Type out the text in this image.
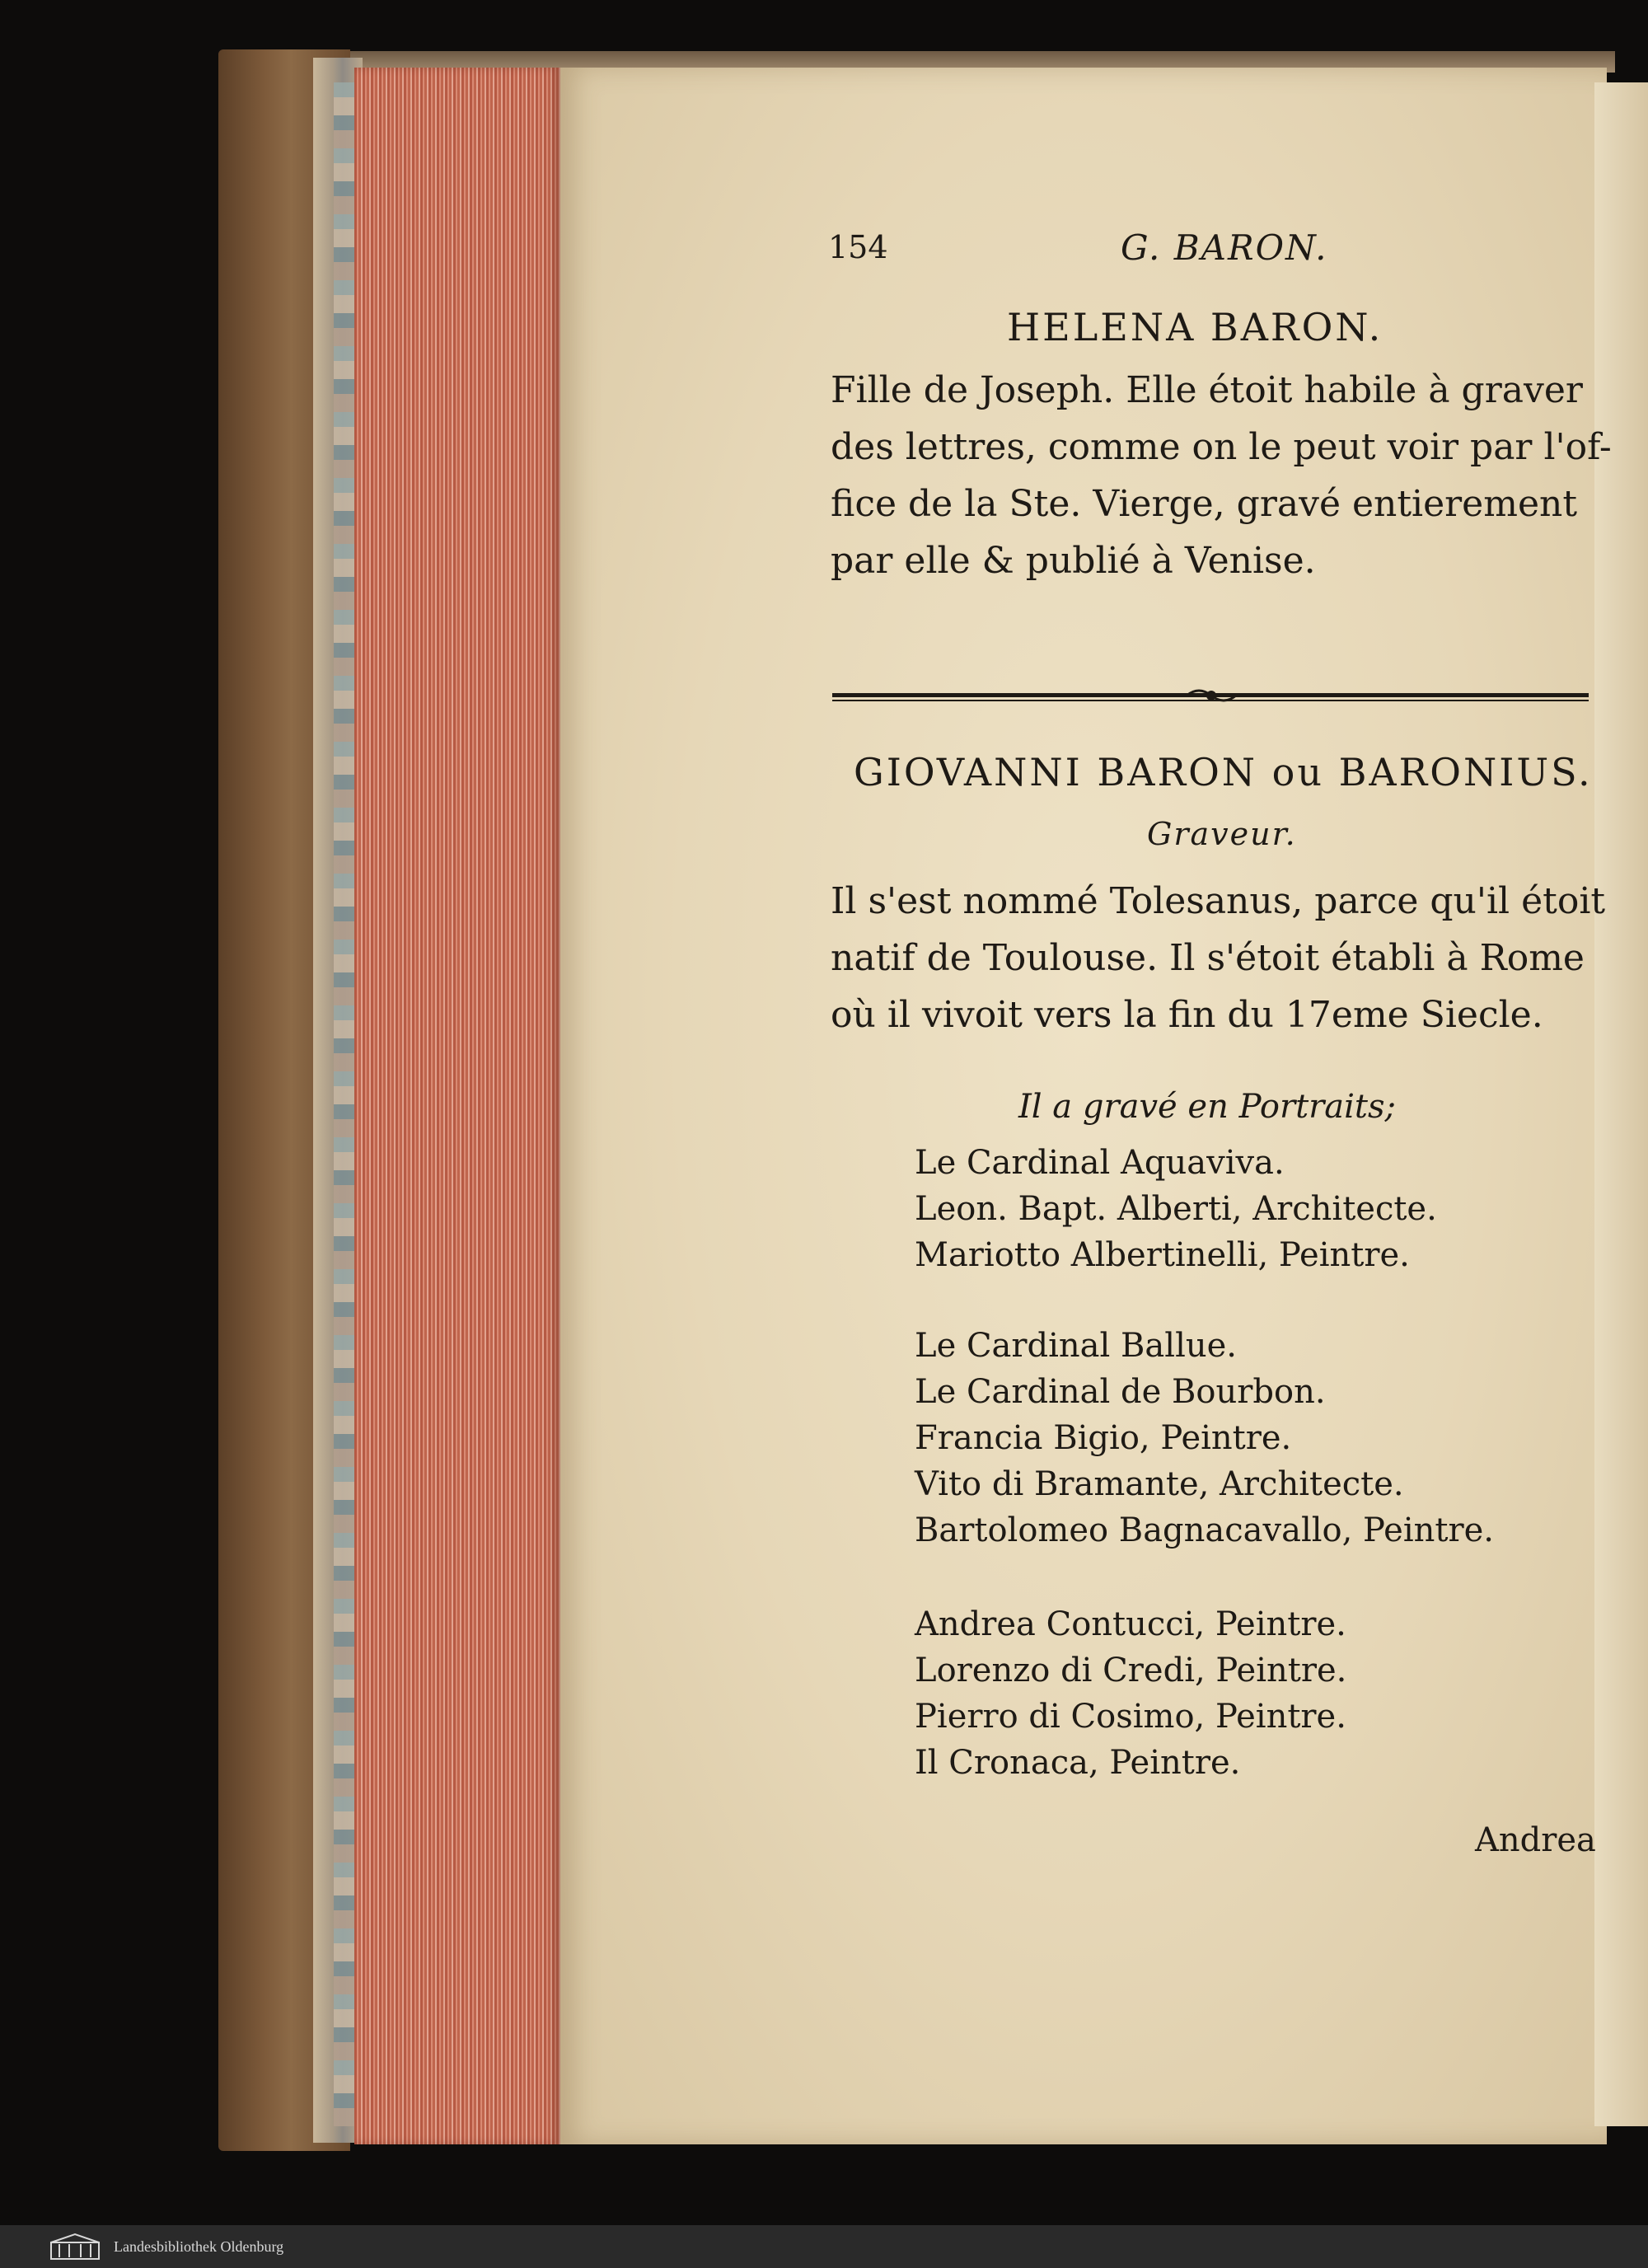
154	G. BARON.
HELENA BARON.
Fille de Joseph. Elle étoit habile à graver
des lettres, comme on le peut voir par l'of-
fice de la Ste. Vierge, gravé entierement
par elle & publié à Venise.
GIOVANNI BARON ou BARONIUS.
Graveur.
Il s'est nommé Tolesanus, parce qu'il étoit
natif de Toulouse. Il s'étoit établi à Rome
où il vivoit vers la fin du 17eme Siecle.
Il a gravé en Portraits;
Le Cardinal Aquaviva.
Leon. Bapt. Alberti, Architecte.
Mariotto Albertinelli, Peintre.
Le Cardinal Ballue.
Le Cardinal de Bourbon.
Francia Bigio, Peintre.
Vito di Bramante, Architecte.
Bartolomeo Bagnacavallo, Peintre.
Andrea Contucci, Peintre.
Lorenzo di Credi, Peintre.
Pierro di Cosimo, Peintre.
Il Cronaca, Peintre.
Andrea
Landesbibliothek Oldenburg
